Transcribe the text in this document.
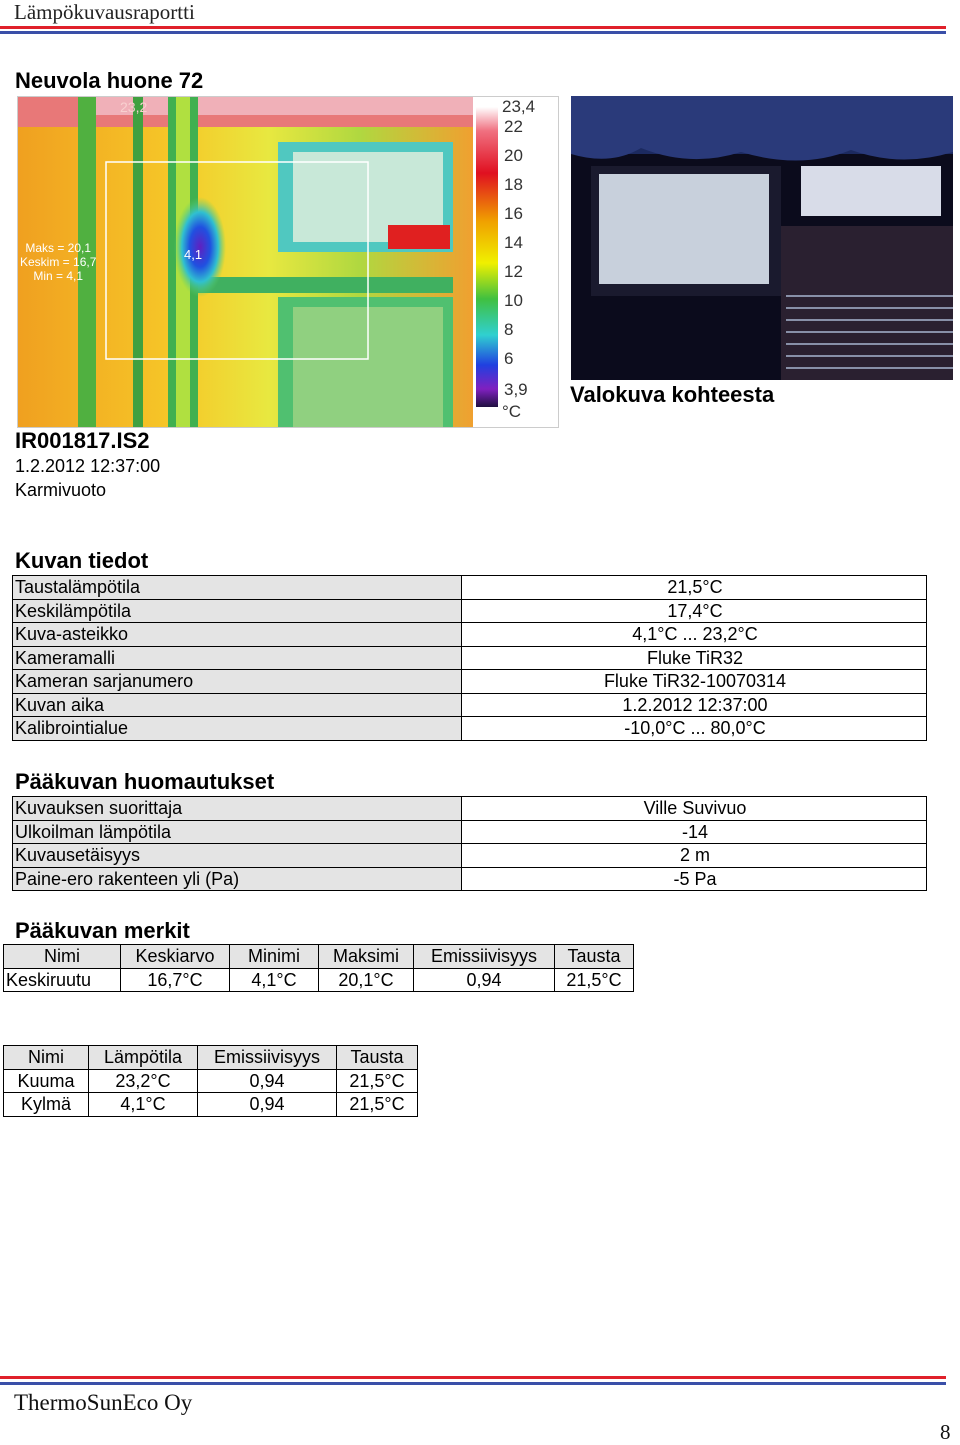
Lämpökuvausraportti
Neuvola huone 72
23,2
4,1
Maks = 20,1
Keskim = 16,7
Min = 4,1
23,4
22
20
18
16
14
12
10
8
6
3,9
°C
Valokuva kohteesta
IR001817.IS2
1.2.2012 12:37:00
Karmivuoto
Kuvan tiedot
Taustalämpötila	21,5°C
Keskilämpötila	17,4°C
Kuva-asteikko	4,1°C ... 23,2°C
Kameramalli	Fluke TiR32
Kameran sarjanumero	Fluke TiR32-10070314
Kuvan aika	1.2.2012 12:37:00
Kalibrointialue	-10,0°C ... 80,0°C
Pääkuvan huomautukset
Kuvauksen suorittaja	Ville Suvivuo
Ulkoilman lämpötila	-14
Kuvausetäisyys	2 m
Paine-ero rakenteen yli (Pa)	-5 Pa
Pääkuvan merkit
Nimi	Keskiarvo	Minimi	Maksimi	Emissiivisyys	Tausta
Keskiruutu	16,7°C	4,1°C	20,1°C	0,94	21,5°C
Nimi	Lämpötila	Emissiivisyys	Tausta
Kuuma	23,2°C	0,94	21,5°C
Kylmä	4,1°C	0,94	21,5°C
ThermoSunEco Oy
8
